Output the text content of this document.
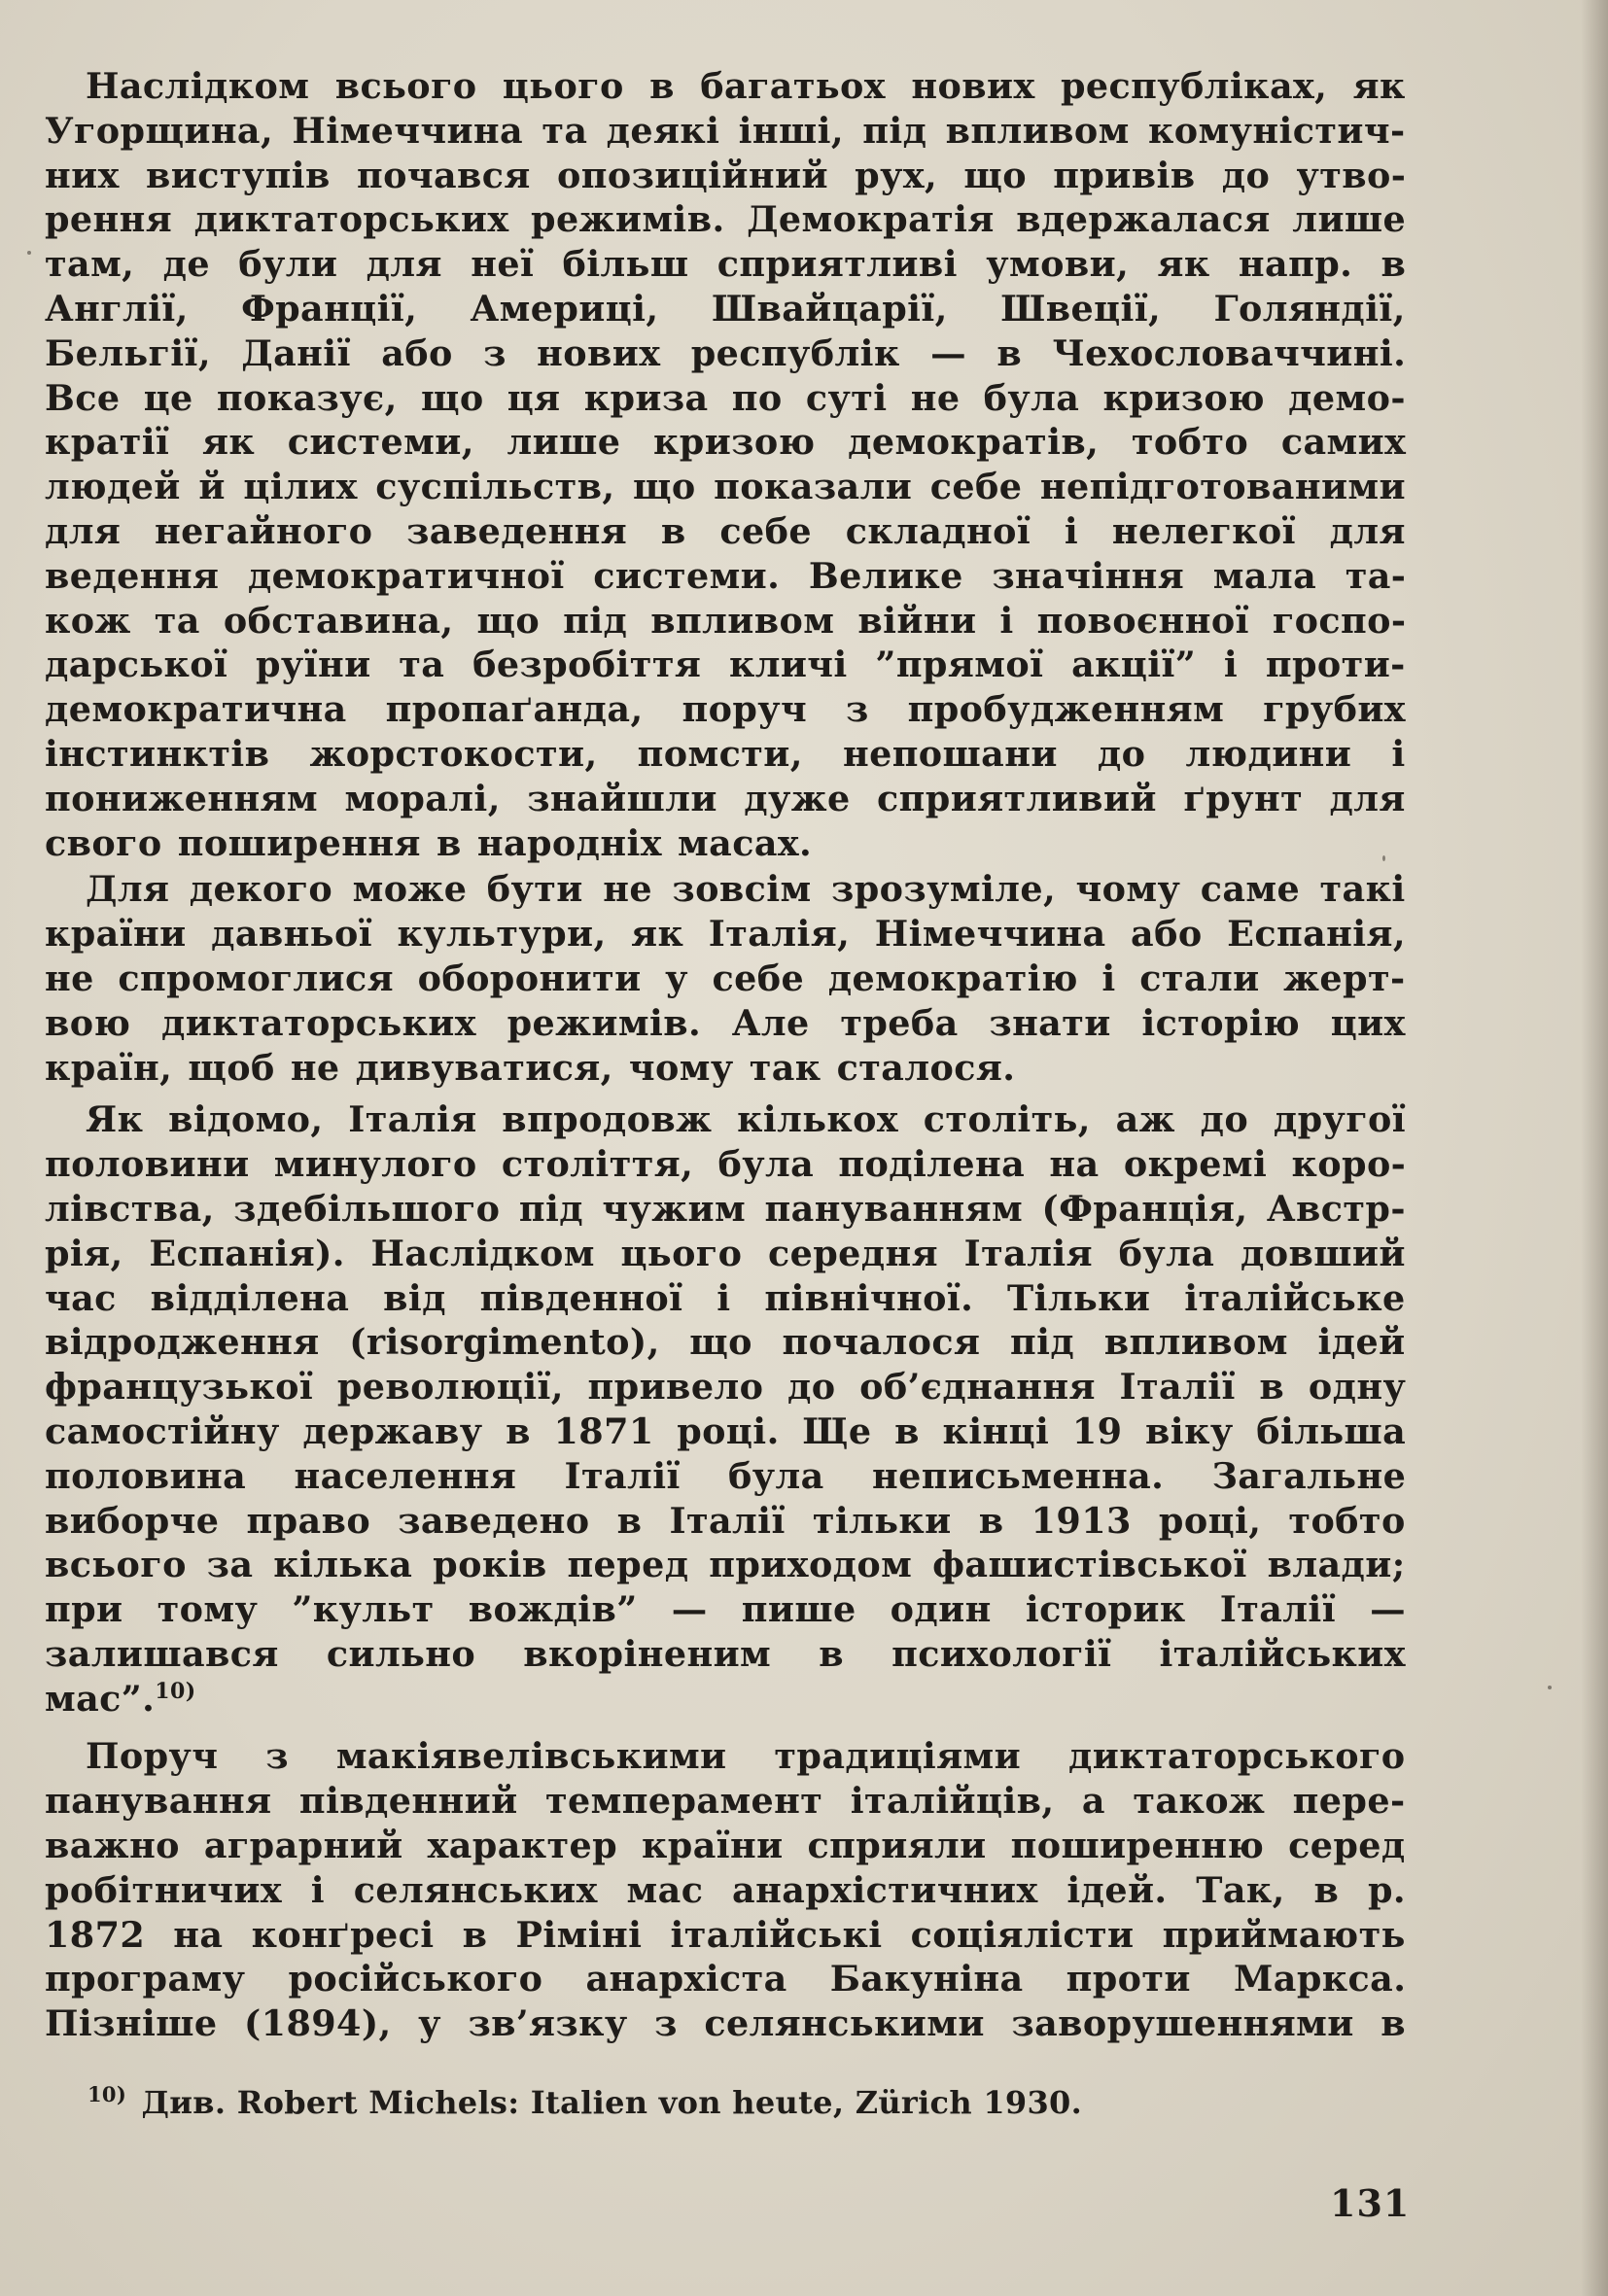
Наслідком всього цього в багатьох нових республіках, як
Угорщина, Німеччина та деякі інші, під впливом комуністич-
них виступів почався опозиційний рух, що привів до утво-
рення диктаторських режимів. Демократія вдержалася лише
там, де були для неї більш сприятливі умови, як напр. в
Англії, Франції, Америці, Швайцарії, Швеції, Голяндії,
Бельгії, Данії або з нових республік — в Чехословаччині.
Все це показує, що ця криза по суті не була кризою демо-
кратії як системи, лише кризою демократів, тобто самих
людей й цілих суспільств, що показали себе непідготованими
для негайного заведення в себе складної і нелегкої для
ведення демократичної системи. Велике значіння мала та-
кож та обставина, що під впливом війни і повоєнної госпо-
дарської руїни та безробіття кличі ”прямої акції” і проти-
демократична пропаґанда, поруч з пробудженням грубих
інстинктів жорстокости, помсти, непошани до людини і
пониженням моралі, знайшли дуже сприятливий ґрунт для
свого поширення в народніх масах.

Для декого може бути не зовсім зрозуміле, чому саме такі
країни давньої культури, як Італія, Німеччина або Еспанія,
не спромоглися оборонити у себе демократію і стали жерт-
вою диктаторських режимів. Але треба знати історію цих
країн, щоб не дивуватися, чому так сталося.

Як відомо, Італія впродовж кількох століть, аж до другої
половини минулого століття, була поділена на окремі коро-
лівства, здебільшого під чужим пануванням (Франція, Австр-
рія, Еспанія). Наслідком цього середня Італія була довший
час відділена від південної і північної. Тільки італійське
відродження (risorgimento), що почалося під впливом ідей
французької революції, привело до об’єднання Італії в одну
самостійну державу в 1871 році. Ще в кінці 19 віку більша
половина населення Італії була неписьменна. Загальне
виборче право заведено в Італії тільки в 1913 році, тобто
всього за кілька років перед приходом фашистівської влади;
при тому ”культ вождів” — пише один історик Італії —
залишався сильно вкоріненим в психології італійських
мас”.$^{10)}$

Поруч з макіявелівськими традиціями диктаторського
панування південний темперамент італійців, а також пере-
важно аграрний характер країни сприяли поширенню серед
робітничих і селянських мас анархістичних ідей. Так, в р.
1872 на конґресі в Ріміні італійські соціялісти приймають
програму російського анархіста Бакуніна проти Маркса.
Пізніше (1894), у зв’язку з селянськими заворушеннями в

$^{10)}$ Див. Robert Michels: Italien von heute, Zürich 1930.
131
